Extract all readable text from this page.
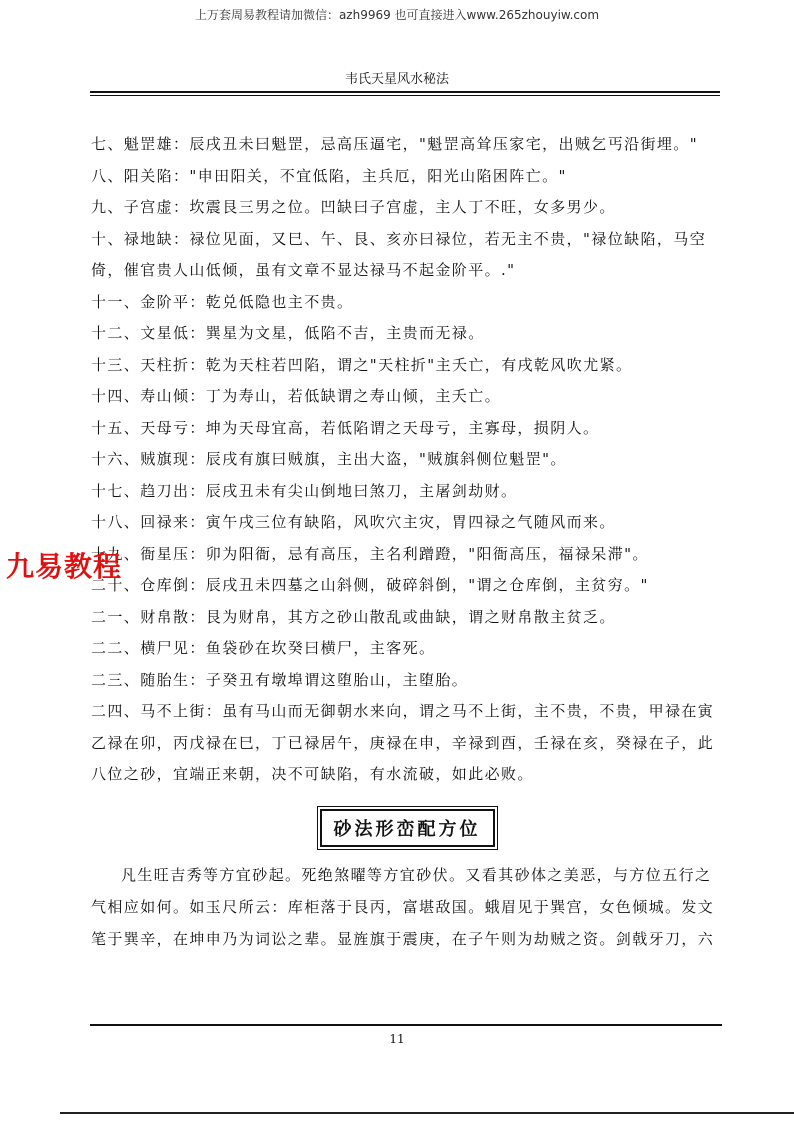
上万套周易教程请加微信：azh9969 也可直接进入www.265zhouyiw.com
韦氏天星风水秘法

七、魁罡雄：辰戌丑未曰魁罡，忌高压逼宅，"魁罡高耸压家宅，出贼乞丐沿街埋。"

八、阳关陷："申田阳关，不宜低陷，主兵厄，阳光山陷困阵亡。"

九、子宫虚：坎震艮三男之位。凹缺曰子宫虚，主人丁不旺，女多男少。

十、禄地缺：禄位见面，又巳、午、艮、亥亦曰禄位，若无主不贵，"禄位缺陷，马空倚，催官贵人山低倾，虽有文章不显达禄马不起金阶平。."

十一、金阶平：乾兑低隐也主不贵。

十二、文星低：巽星为文星，低陷不吉，主贵而无禄。

十三、天柱折：乾为天柱若凹陷，谓之"天柱折"主夭亡，有戌乾风吹尤紧。

十四、寿山倾：丁为寿山，若低缺谓之寿山倾，主夭亡。

十五、天母亏：坤为天母宜高，若低陷谓之天母亏，主寡母，损阴人。

十六、贼旗现：辰戌有旗曰贼旗，主出大盗，"贼旗斜侧位魁罡"。

十七、趋刀出：辰戌丑未有尖山倒地曰煞刀，主屠剑劫财。

十八、回禄来：寅午戌三位有缺陷，风吹穴主灾，胃四禄之气随风而来。

十九、衙星压：卯为阳衙，忌有高压，主名利蹭蹬，"阳衙高压，福禄呆滞"。

二十、仓库倒：辰戌丑未四墓之山斜侧，破碎斜倒，"谓之仓库倒，主贫穷。"

二一、财帛散：艮为财帛，其方之砂山散乱或曲缺，谓之财帛散主贫乏。

二二、横尸见：鱼袋砂在坎癸曰横尸，主客死。

二三、随胎生：子癸丑有墩埠谓这堕胎山，主堕胎。

二四、马不上街：虽有马山而无御朝水来向，谓之马不上街，主不贵，不贵，甲禄在寅乙禄在卯，丙戊禄在巳，丁已禄居午，庚禄在申，辛禄到酉，壬禄在亥，癸禄在子，此八位之砂，宜端正来朝，决不可缺陷，有水流破，如此必败。

砂法形峦配方位

凡生旺吉秀等方宜砂起。死绝煞曜等方宜砂伏。又看其砂体之美恶，与方位五行之气相应如何。如玉尺所云：库柜落于艮丙，富堪敌国。蛾眉见于巽宫，女色倾城。发文笔于巽辛，在坤申乃为词讼之辈。显旌旗于震庚，在子午则为劫贼之资。剑戟牙刀，六

九易教程
11
